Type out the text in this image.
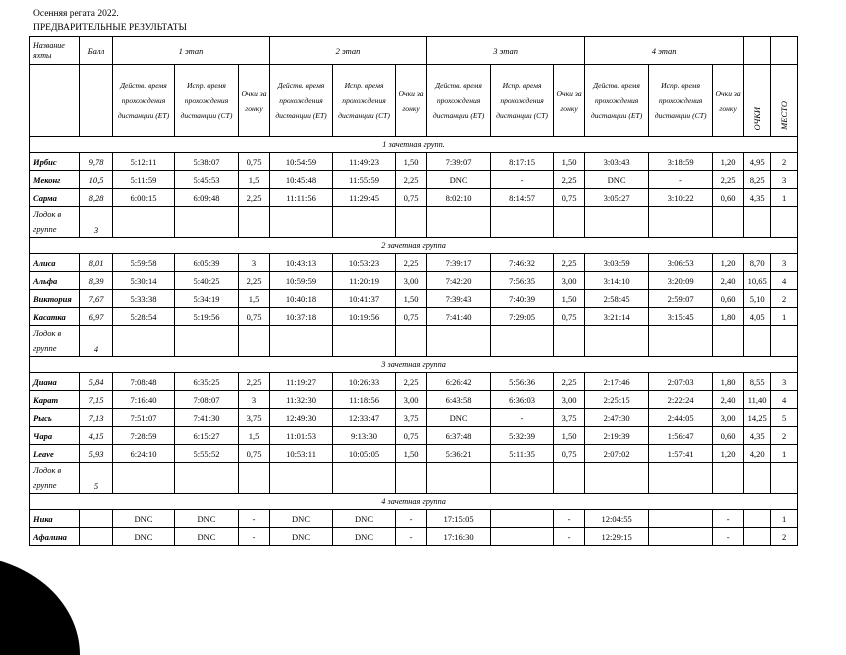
Осенняя регата 2022.
ПРЕДВАРИТЕЛЬНЫЕ РЕЗУЛЬТАТЫ
Название яхты	Балл	1 этап			2 этап			3 этап			4 этап				
		Действ. время прохождения дистанции (ET)	Испр. время прохождения дистанции (CT)	Очки за гонку	Действ. время прохождения дистанции (ET)	Испр. время прохождения дистанции (CT)	Очки за гонку	Действ. время прохождения дистанции (ET)	Испр. время прохождения дистанции (CT)	Очки за гонку	Действ. время прохождения дистанции (ET)	Испр. время прохождения дистанции (CT)	Очки за гонку	ОЧКИ	МЕСТО
1 зачетная групп.															
Ирбис	9,78	5:12:11	5:38:07	0,75	10:54:59	11:49:23	1,50	7:39:07	8:17:15	1,50	3:03:43	3:18:59	1,20	4,95	2
Меконг	10,5	5:11:59	5:45:53	1,5	10:45:48	11:55:59	2,25	DNC	-	2,25	DNC	-	2,25	8,25	3
Сарма	8,28	6:00:15	6:09:48	2,25	11:11:56	11:29:45	0,75	8:02:10	8:14:57	0,75	3:05:27	3:10:22	0,60	4,35	1
Лодок в группе	3														
2 зачетная группа															
Алиса	8,01	5:59:58	6:05:39	3	10:43:13	10:53:23	2,25	7:39:17	7:46:32	2,25	3:03:59	3:06:53	1,20	8,70	3
Альфа	8,39	5:30:14	5:40:25	2,25	10:59:59	11:20:19	3,00	7:42:20	7:56:35	3,00	3:14:10	3:20:09	2,40	10,65	4
Виктория	7,67	5:33:38	5:34:19	1,5	10:40:18	10:41:37	1,50	7:39:43	7:40:39	1,50	2:58:45	2:59:07	0,60	5,10	2
Касатка	6,97	5:28:54	5:19:56	0,75	10:37:18	10:19:56	0,75	7:41:40	7:29:05	0,75	3:21:14	3:15:45	1,80	4,05	1
Лодок в группе	4														
3 зачетная группа															
Диана	5,84	7:08:48	6:35:25	2,25	11:19:27	10:26:33	2,25	6:26:42	5:56:36	2,25	2:17:46	2:07:03	1,80	8,55	3
Карат	7,15	7:16:40	7:08:07	3	11:32:30	11:18:56	3,00	6:43:58	6:36:03	3,00	2:25:15	2:22:24	2,40	11,40	4
Рысь	7,13	7:51:07	7:41:30	3,75	12:49:30	12:33:47	3,75	DNC	-	3,75	2:47:30	2:44:05	3,00	14,25	5
Чара	4,15	7:28:59	6:15:27	1,5	11:01:53	9:13:30	0,75	6:37:48	5:32:39	1,50	2:19:39	1:56:47	0,60	4,35	2
Leave	5,93	6:24:10	5:55:52	0,75	10:53:11	10:05:05	1,50	5:36:21	5:11:35	0,75	2:07:02	1:57:41	1,20	4,20	1
Лодок в группе	5														
4 зачетная группа															
Ника		DNC	DNC	-	DNC	DNC	-	17:15:05		-	12:04:55		-		1
Афалина		DNC	DNC	-	DNC	DNC	-	17:16:30		-	12:29:15		-		2
